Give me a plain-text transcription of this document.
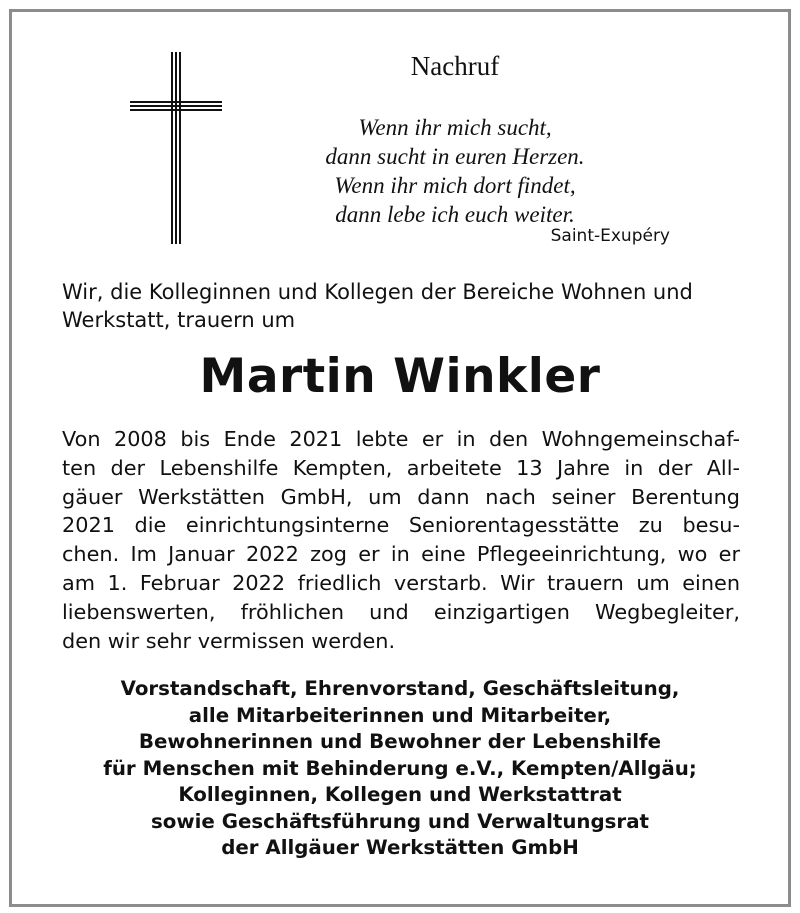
Nachruf
Wenn ihr mich sucht,
dann sucht in euren Herzen.
Wenn ihr mich dort findet,
dann lebe ich euch weiter.
Saint-Exupéry
Wir, die Kolleginnen und Kollegen der Bereiche Wohnen und
Werkstatt, trauern um
Martin Winkler
Von 2008 bis Ende 2021 lebte er in den Wohngemeinschaf-
ten der Lebenshilfe Kempten, arbeitete 13 Jahre in der All-
gäuer Werkstätten GmbH, um dann nach seiner Berentung
2021 die einrichtungsinterne Seniorentagesstätte zu besu-
chen. Im Januar 2022 zog er in eine Pflegeeinrichtung, wo er
am 1. Februar 2022 friedlich verstarb. Wir trauern um einen
liebenswerten, fröhlichen und einzigartigen Wegbegleiter,
den wir sehr vermissen werden.
Vorstandschaft, Ehrenvorstand, Geschäftsleitung,
alle Mitarbeiterinnen und Mitarbeiter,
Bewohnerinnen und Bewohner der Lebenshilfe
für Menschen mit Behinderung e.V., Kempten/Allgäu;
Kolleginnen, Kollegen und Werkstattrat
sowie Geschäftsführung und Verwaltungsrat
der Allgäuer Werkstätten GmbH
